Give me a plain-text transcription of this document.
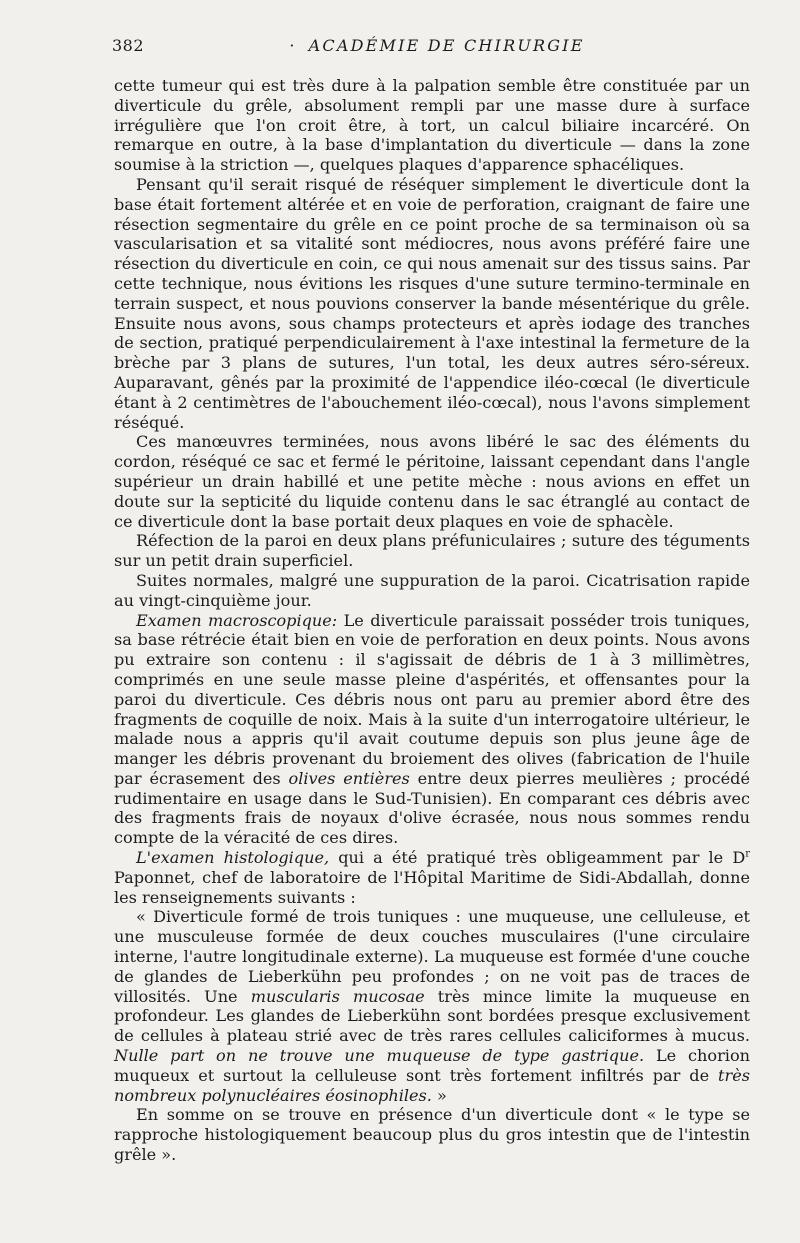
382	· ACADÉMIE DE CHIRURGIE

cette tumeur qui est très dure à la palpation semble être constituée par un diverticule du grêle, absolument rempli par une masse dure à surface irrégulière que l'on croit être, à tort, un calcul biliaire incarcéré. On remarque en outre, à la base d'implantation du diverticule — dans la zone soumise à la striction —, quelques plaques d'apparence sphacéliques.

Pensant qu'il serait risqué de réséquer simplement le diverticule dont la base était fortement altérée et en voie de perforation, craignant de faire une résection segmentaire du grêle en ce point proche de sa terminaison où sa vascularisation et sa vitalité sont médiocres, nous avons préféré faire une résection du diverticule en coin, ce qui nous amenait sur des tissus sains. Par cette technique, nous évitions les risques d'une suture termino-terminale en terrain suspect, et nous pouvions conserver la bande mésentérique du grêle. Ensuite nous avons, sous champs protecteurs et après iodage des tranches de section, pratiqué perpendiculairement à l'axe intestinal la fermeture de la brèche par 3 plans de sutures, l'un total, les deux autres séro-séreux. Auparavant, gênés par la proximité de l'appendice iléo-cœcal (le diverticule étant à 2 centimètres de l'abouchement iléo-cœcal), nous l'avons simplement réséqué.

Ces manœuvres terminées, nous avons libéré le sac des éléments du cordon, réséqué ce sac et fermé le péritoine, laissant cependant dans l'angle supérieur un drain habillé et une petite mèche : nous avions en effet un doute sur la septicité du liquide contenu dans le sac étranglé au contact de ce diverticule dont la base portait deux plaques en voie de sphacèle.

Réfection de la paroi en deux plans préfuniculaires ; suture des téguments sur un petit drain superficiel.

Suites normales, malgré une suppuration de la paroi. Cicatrisation rapide au vingt-cinquième jour.

Examen macroscopique: Le diverticule paraissait posséder trois tuniques, sa base rétrécie était bien en voie de perforation en deux points. Nous avons pu extraire son contenu : il s'agissait de débris de 1 à 3 millimètres, comprimés en une seule masse pleine d'aspérités, et offensantes pour la paroi du diverticule. Ces débris nous ont paru au premier abord être des fragments de coquille de noix. Mais à la suite d'un interrogatoire ultérieur, le malade nous a appris qu'il avait coutume depuis son plus jeune âge de manger les débris provenant du broiement des olives (fabrication de l'huile par écrasement des olives entières entre deux pierres meulières ; procédé rudimentaire en usage dans le Sud-Tunisien). En comparant ces débris avec des fragments frais de noyaux d'olive écrasée, nous nous sommes rendu compte de la véracité de ces dires.

L'examen histologique, qui a été pratiqué très obligeamment par le $D^r$ Paponnet, chef de laboratoire de l'Hôpital Maritime de Sidi-Abdallah, donne les renseignements suivants :

« Diverticule formé de trois tuniques : une muqueuse, une celluleuse, et une musculeuse formée de deux couches musculaires (l'une circulaire interne, l'autre longitudinale externe). La muqueuse est formée d'une couche de glandes de Lieberkühn peu profondes ; on ne voit pas de traces de villosités. Une muscularis mucosae très mince limite la muqueuse en profondeur. Les glandes de Lieberkühn sont bordées presque exclusivement de cellules à plateau strié avec de très rares cellules caliciformes à mucus. Nulle part on ne trouve une muqueuse de type gastrique. Le chorion muqueux et surtout la celluleuse sont très fortement infiltrés par de très nombreux polynucléaires éosinophiles. »

En somme on se trouve en présence d'un diverticule dont « le type se rapproche histologiquement beaucoup plus du gros intestin que de l'intestin grêle ».
